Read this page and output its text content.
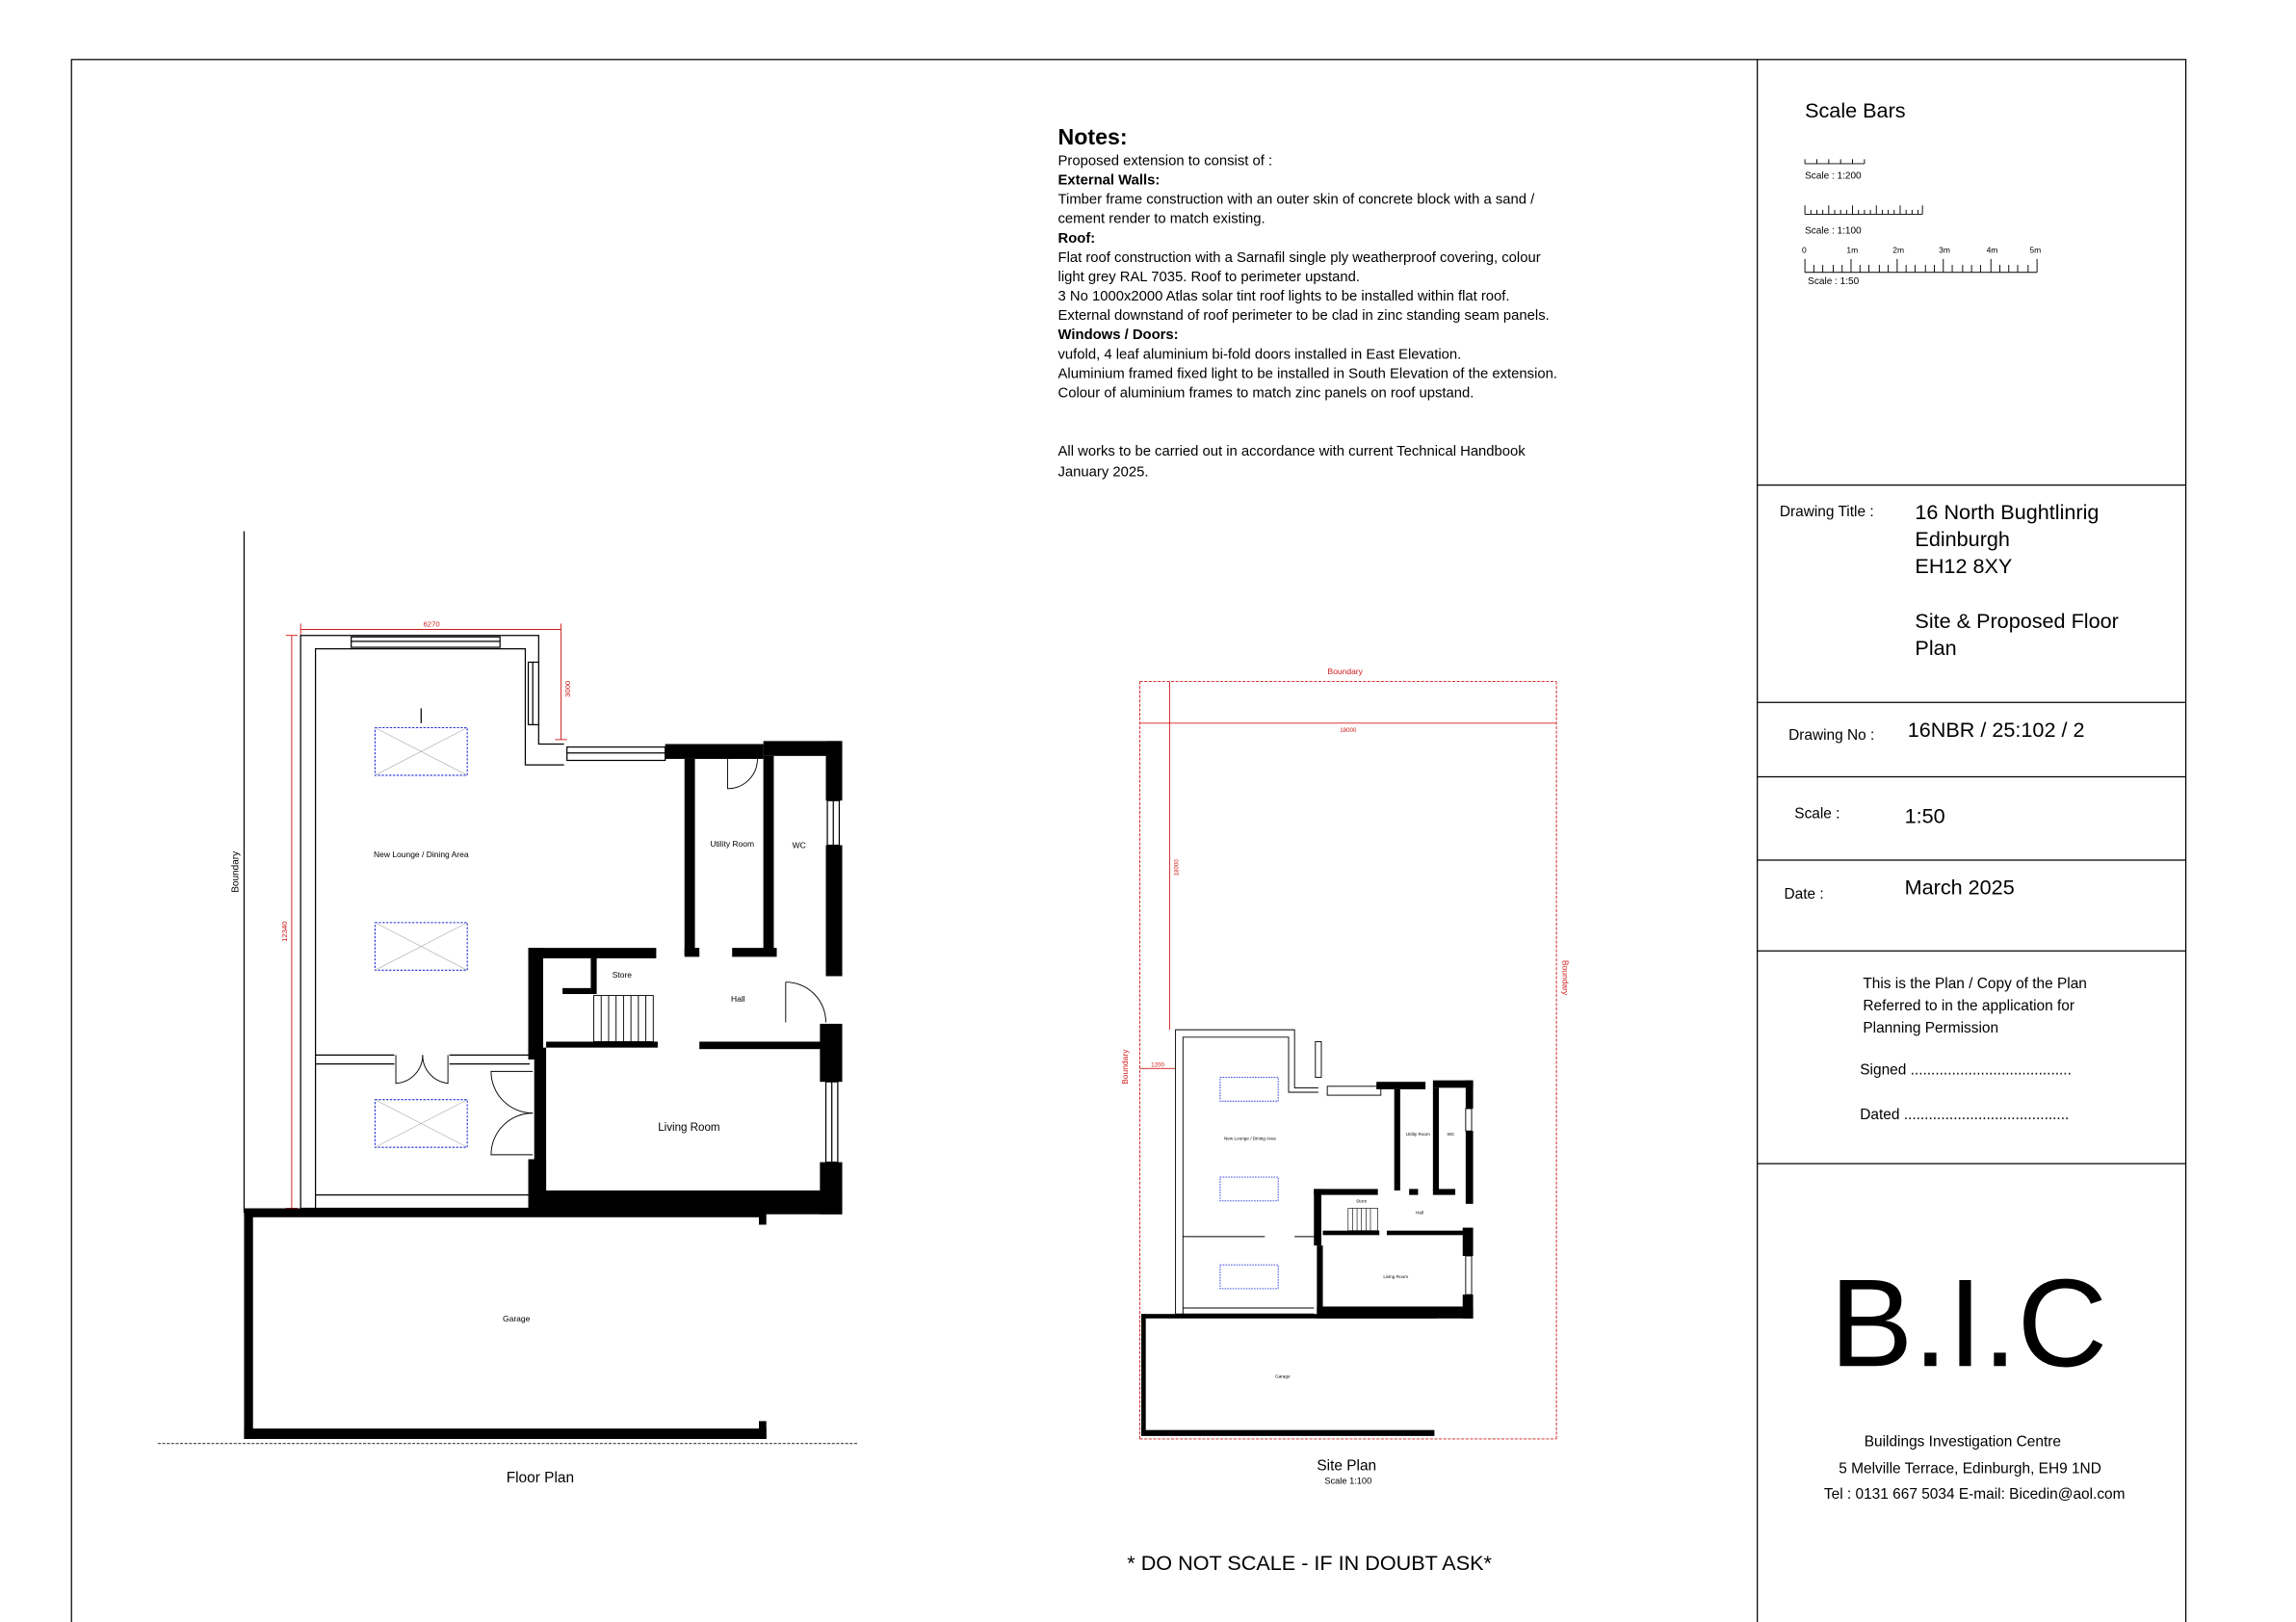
Notes:
Proposed extension to consist of :
External Walls:
Timber frame construction with an outer skin of concrete block with a sand /
cement render to match existing.
Roof:
Flat roof construction with a Sarnafil single ply weatherproof covering, colour
light grey RAL 7035. Roof to perimeter upstand.
3 No 1000x2000 Atlas solar tint roof lights to be installed within flat roof.
External downstand of roof perimeter to be clad in zinc standing seam panels.
Windows / Doors:
vufold, 4 leaf aluminium bi-fold doors installed in East Elevation.
Aluminium framed fixed light to be installed in South Elevation of the extension.
Colour of aluminium frames to match zinc panels on roof upstand.
All works to be carried out in accordance with current Technical Handbook
January 2025.
Scale Bars
Scale : 1:200
Scale : 1:100
0	1m	2m	3m	4m	5m
Scale : 1:50
Drawing Title :	16 North Bughtlinrig
Edinburgh
EH12 8XY
Site & Proposed Floor
Plan
Drawing No : 16NBR / 25:102 / 2
Scale :	1:50
Date :	March 2025
This is the Plan / Copy of the Plan
Referred to in the application for
Planning Permission
Signed .......................................
Dated ........................................
B.I.C
Buildings Investigation Centre
5 Melville Terrace, Edinburgh, EH9 1ND
Tel : 0131 667 5034 E-mail: Bicedin@aol.com
Boundary
6270
12340
3000
New Lounge / Dining Area
Utility Room	WC
Store
Hall
Living Room
Garage
Floor Plan
Boundary
Boundary
Boundary
18000
18000
1200
New Lounge / Dining Area
Utility Room	WC
Store
Hall
Living Room
Garage
Site Plan
Scale 1:100
* DO NOT SCALE - IF IN DOUBT ASK*
